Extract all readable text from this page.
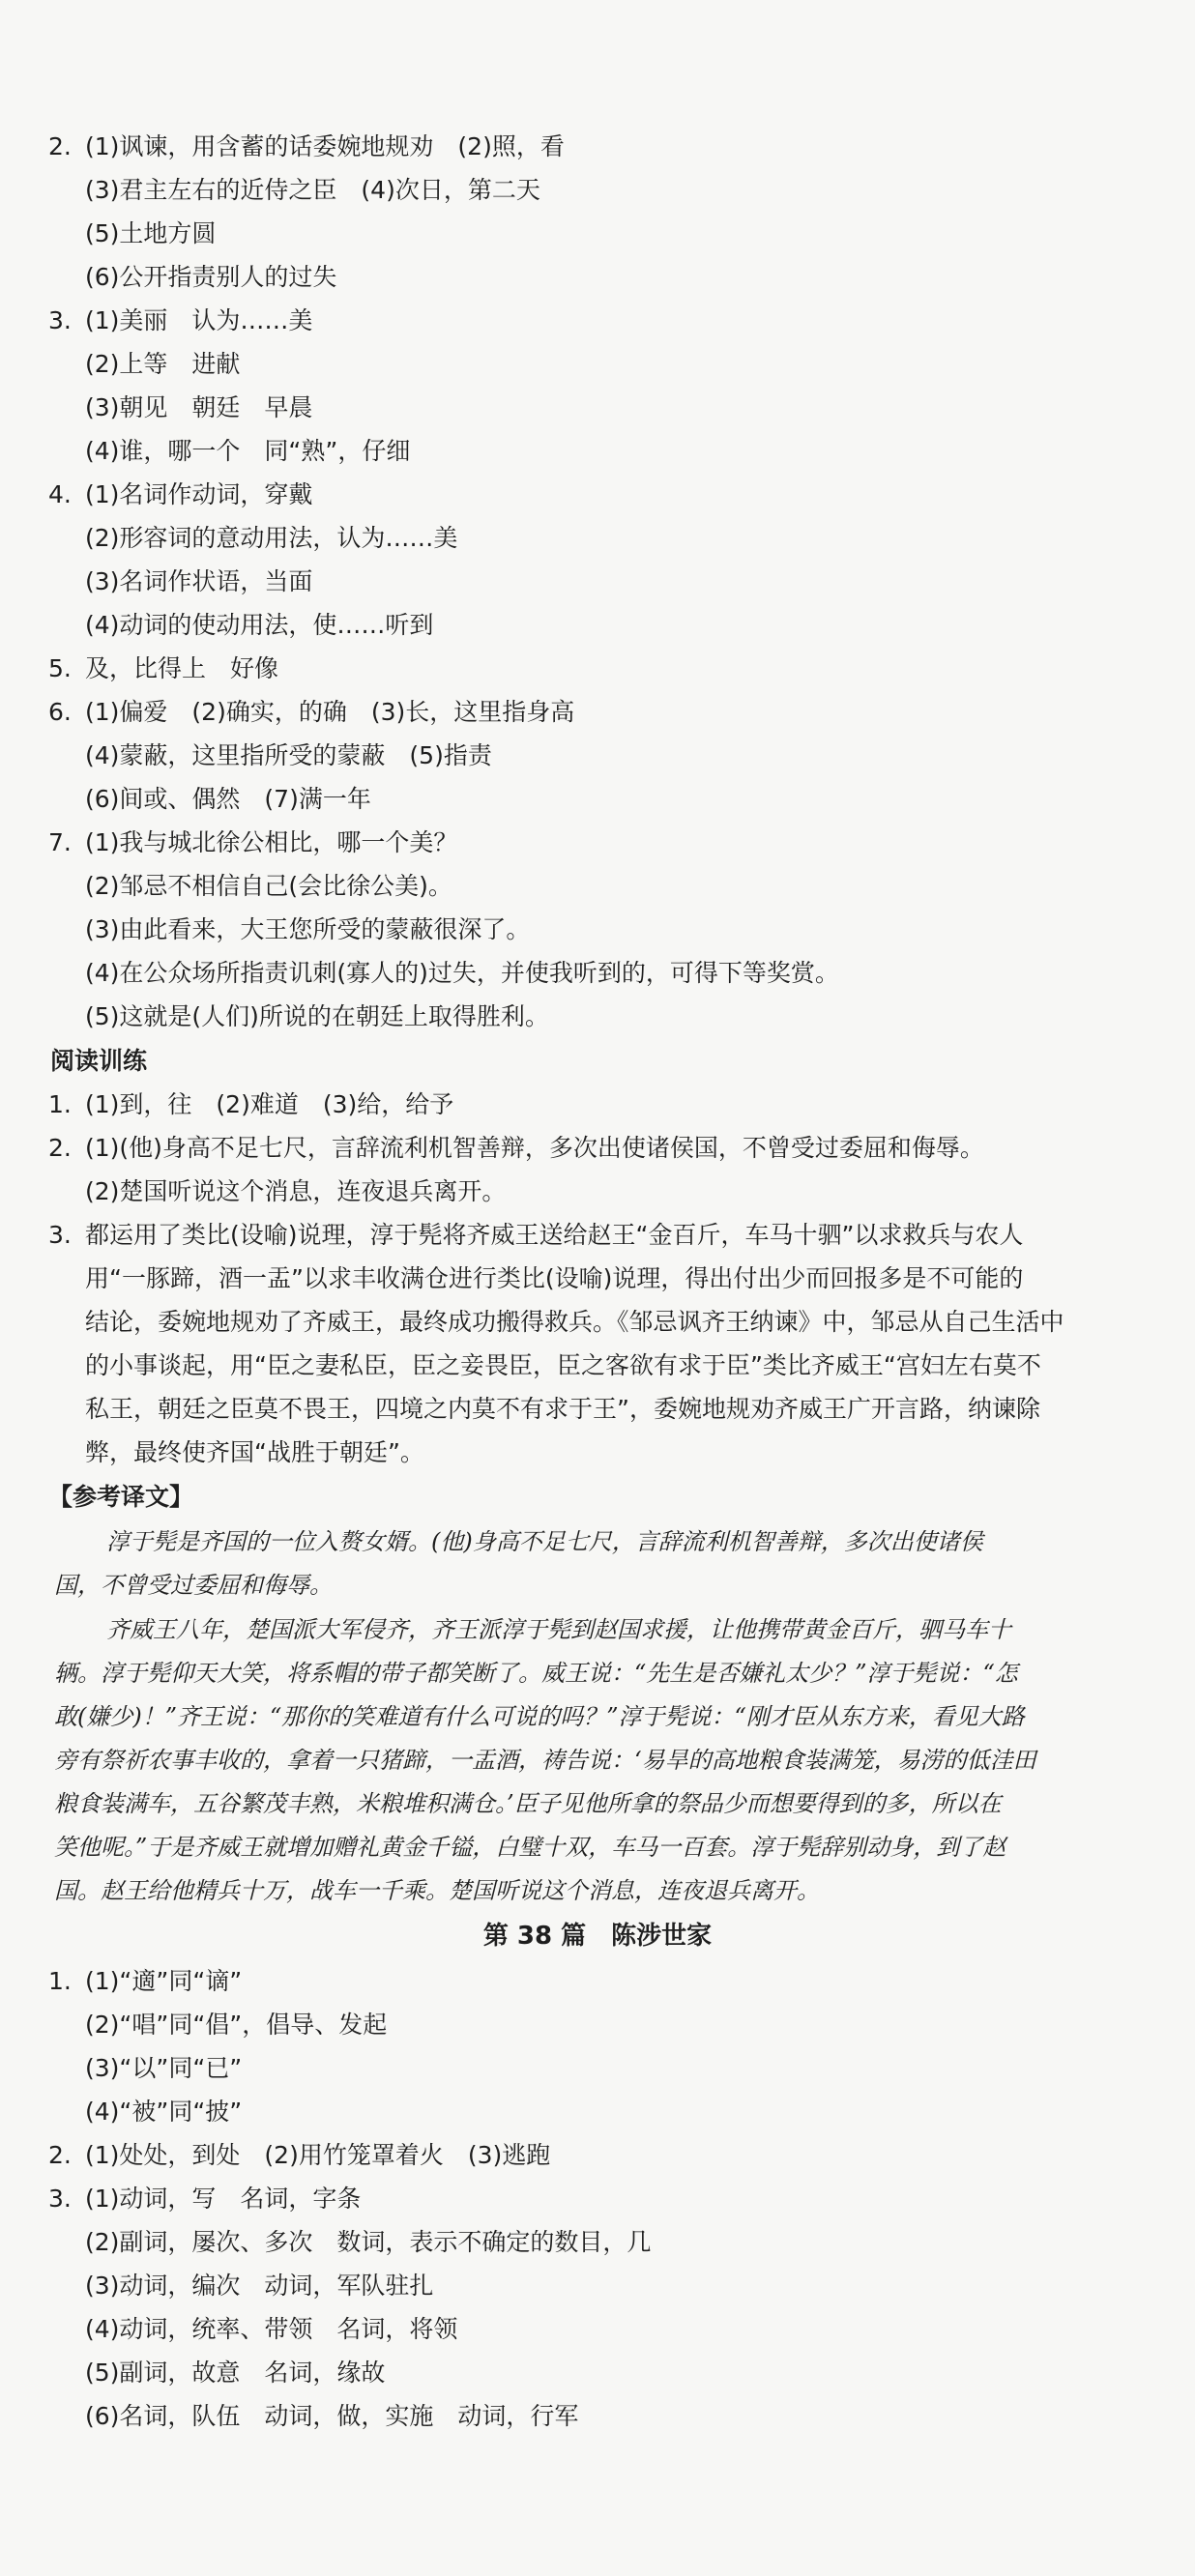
2. (1)讽谏，用含蓄的话委婉地规劝　(2)照，看
(3)君主左右的近侍之臣　(4)次日，第二天
(5)土地方圆
(6)公开指责别人的过失
3. (1)美丽　认为……美
(2)上等　进献
(3)朝见　朝廷　早晨
(4)谁，哪一个　同“熟”，仔细
4. (1)名词作动词，穿戴
(2)形容词的意动用法，认为……美
(3)名词作状语，当面
(4)动词的使动用法，使……听到
5. 及，比得上　好像
6. (1)偏爱　(2)确实，的确　(3)长，这里指身高
(4)蒙蔽，这里指所受的蒙蔽　(5)指责
(6)间或、偶然　(7)满一年
7. (1)我与城北徐公相比，哪一个美？
(2)邹忌不相信自己(会比徐公美)。
(3)由此看来，大王您所受的蒙蔽很深了。
(4)在公众场所指责讥刺(寡人的)过失，并使我听到的，可得下等奖赏。
(5)这就是(人们)所说的在朝廷上取得胜利。
阅读训练
1. (1)到，往　(2)难道　(3)给，给予
2. (1)(他)身高不足七尺，言辞流利机智善辩，多次出使诸侯国，不曾受过委屈和侮辱。
(2)楚国听说这个消息，连夜退兵离开。
3. 都运用了类比(设喻)说理，淳于髡将齐威王送给赵王“金百斤，车马十驷”以求救兵与农人
用“一豚蹄，酒一盂”以求丰收满仓进行类比(设喻)说理，得出付出少而回报多是不可能的
结论，委婉地规劝了齐威王，最终成功搬得救兵。《邹忌讽齐王纳谏》中，邹忌从自己生活中
的小事谈起，用“臣之妻私臣，臣之妾畏臣，臣之客欲有求于臣”类比齐威王“宫妇左右莫不
私王，朝廷之臣莫不畏王，四境之内莫不有求于王”，委婉地规劝齐威王广开言路，纳谏除
弊，最终使齐国“战胜于朝廷”。
【参考译文】
淳于髡是齐国的一位入赘女婿。(他)身高不足七尺，言辞流利机智善辩，多次出使诸侯
国，不曾受过委屈和侮辱。
齐威王八年，楚国派大军侵齐，齐王派淳于髡到赵国求援，让他携带黄金百斤，驷马车十
辆。淳于髡仰天大笑，将系帽的带子都笑断了。威王说：“先生是否嫌礼太少？”淳于髡说：“怎
敢(嫌少)！”齐王说：“那你的笑难道有什么可说的吗？”淳于髡说：“刚才臣从东方来，看见大路
旁有祭祈农事丰收的，拿着一只猪蹄，一盂酒，祷告说：‘易旱的高地粮食装满笼，易涝的低洼田
粮食装满车，五谷繁茂丰熟，米粮堆积满仓。’臣子见他所拿的祭品少而想要得到的多，所以在
笑他呢。”于是齐威王就增加赠礼黄金千镒，白璧十双，车马一百套。淳于髡辞别动身，到了赵
国。赵王给他精兵十万，战车一千乘。楚国听说这个消息，连夜退兵离开。
第 38 篇　陈涉世家
1. (1)“適”同“谪”
(2)“唱”同“倡”，倡导、发起
(3)“以”同“已”
(4)“被”同“披”
2. (1)处处，到处　(2)用竹笼罩着火　(3)逃跑
3. (1)动词，写　名词，字条
(2)副词，屡次、多次　数词，表示不确定的数目，几
(3)动词，编次　动词，军队驻扎
(4)动词，统率、带领　名词，将领
(5)副词，故意　名词，缘故
(6)名词，队伍　动词，做，实施　动词，行军
